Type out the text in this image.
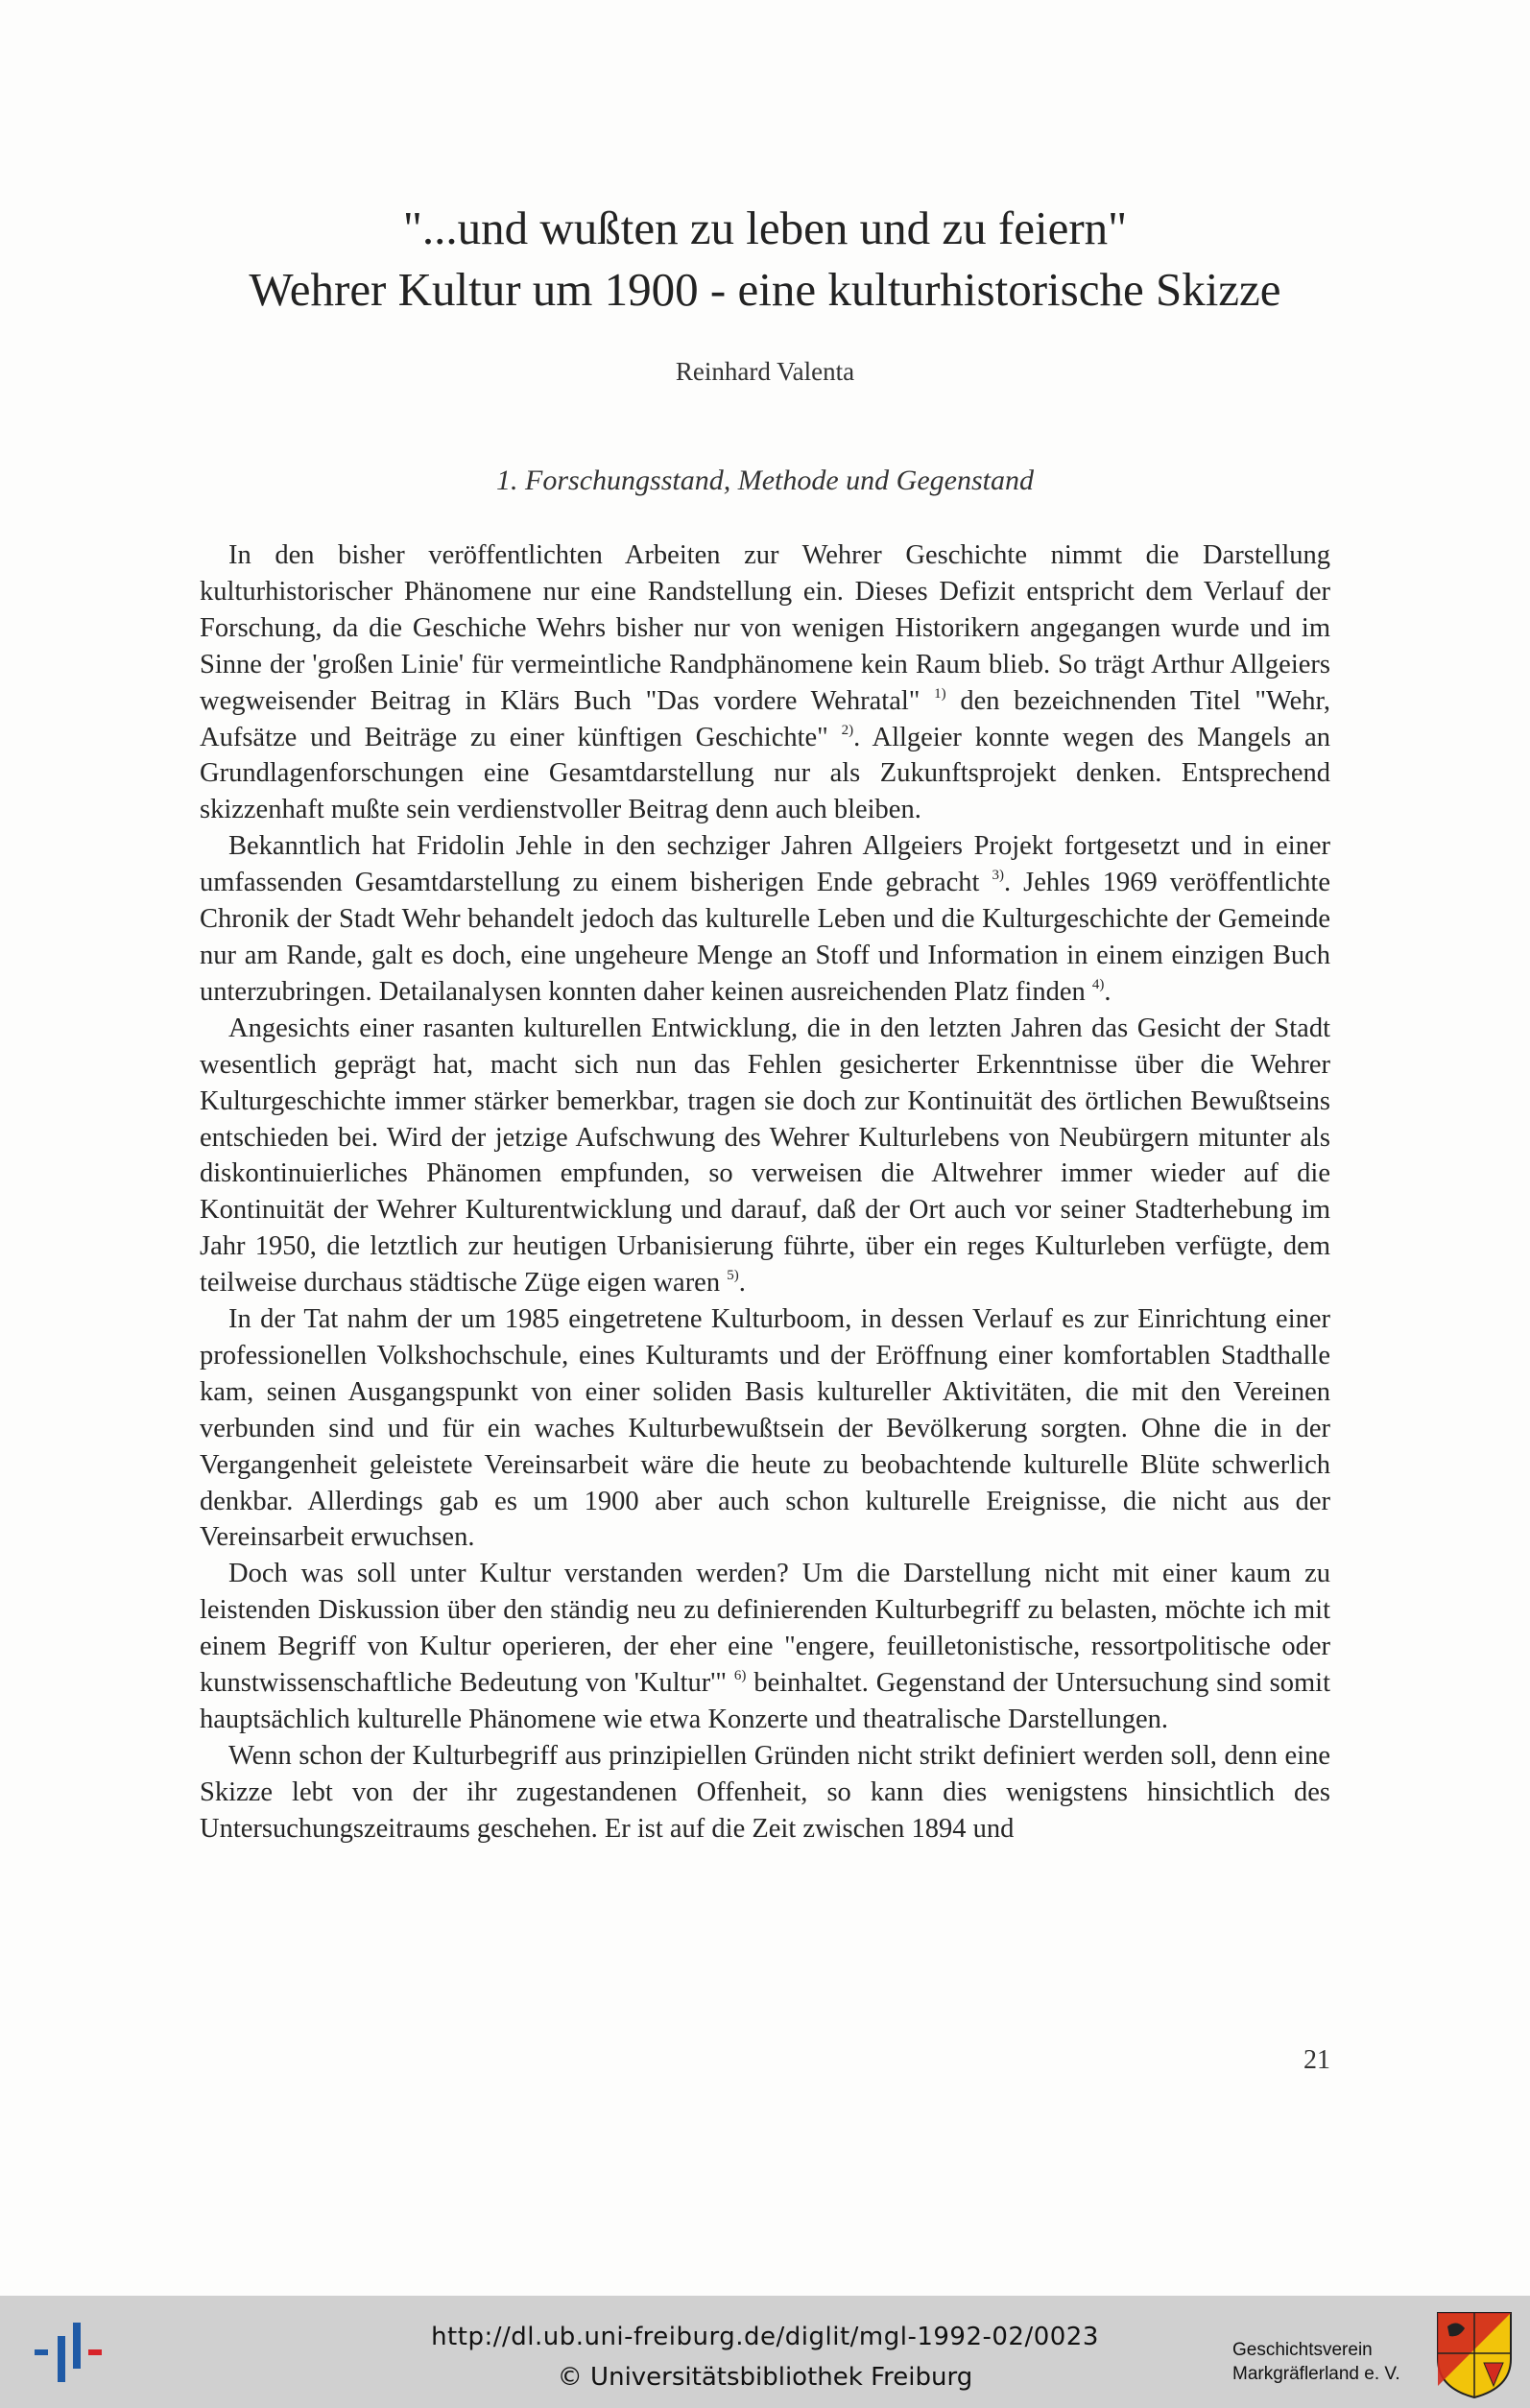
"...und wußten zu leben und zu feiern"
Wehrer Kultur um 1900 - eine kulturhistorische Skizze
Reinhard Valenta
1. Forschungsstand, Methode und Gegenstand

In den bisher veröffentlichten Arbeiten zur Wehrer Geschichte nimmt die Darstellung kulturhistorischer Phänomene nur eine Randstellung ein. Dieses Defizit entspricht dem Verlauf der Forschung, da die Geschiche Wehrs bisher nur von wenigen Historikern angegangen wurde und im Sinne der 'großen Linie' für vermeintliche Randphänomene kein Raum blieb. So trägt Arthur Allgeiers wegweisender Beitrag in Klärs Buch "Das vordere Wehratal" $^{1)}$ den bezeichnenden Titel "Wehr, Aufsätze und Beiträge zu einer künftigen Geschichte" $^{2)}$. Allgeier konnte wegen des Mangels an Grundlagenforschungen eine Gesamtdarstellung nur als Zukunftsprojekt denken. Entsprechend skizzenhaft mußte sein verdienstvoller Beitrag denn auch bleiben.

Bekanntlich hat Fridolin Jehle in den sechziger Jahren Allgeiers Projekt fortgesetzt und in einer umfassenden Gesamtdarstellung zu einem bisherigen Ende gebracht $^{3)}$. Jehles 1969 veröffentlichte Chronik der Stadt Wehr behandelt jedoch das kulturelle Leben und die Kulturgeschichte der Gemeinde nur am Rande, galt es doch, eine ungeheure Menge an Stoff und Information in einem einzigen Buch unterzubringen. Detailanalysen konnten daher keinen ausreichenden Platz finden $^{4)}$.

Angesichts einer rasanten kulturellen Entwicklung, die in den letzten Jahren das Gesicht der Stadt wesentlich geprägt hat, macht sich nun das Fehlen gesicherter Erkenntnisse über die Wehrer Kulturgeschichte immer stärker bemerkbar, tragen sie doch zur Kontinuität des örtlichen Bewußtseins entschieden bei. Wird der jetzige Aufschwung des Wehrer Kulturlebens von Neubürgern mitunter als diskontinuierliches Phänomen empfunden, so verweisen die Altwehrer immer wieder auf die Kontinuität der Wehrer Kulturentwicklung und darauf, daß der Ort auch vor seiner Stadterhebung im Jahr 1950, die letztlich zur heutigen Urbanisierung führte, über ein reges Kulturleben verfügte, dem teilweise durchaus städtische Züge eigen waren $^{5)}$.

In der Tat nahm der um 1985 eingetretene Kulturboom, in dessen Verlauf es zur Einrichtung einer professionellen Volkshochschule, eines Kulturamts und der Eröffnung einer komfortablen Stadthalle kam, seinen Ausgangspunkt von einer soliden Basis kultureller Aktivitäten, die mit den Vereinen verbunden sind und für ein waches Kulturbewußtsein der Bevölkerung sorgten. Ohne die in der Vergangenheit geleistete Vereinsarbeit wäre die heute zu beobachtende kulturelle Blüte schwerlich denkbar. Allerdings gab es um 1900 aber auch schon kulturelle Ereignisse, die nicht aus der Vereinsarbeit erwuchsen.

Doch was soll unter Kultur verstanden werden? Um die Darstellung nicht mit einer kaum zu leistenden Diskussion über den ständig neu zu definierenden Kulturbegriff zu belasten, möchte ich mit einem Begriff von Kultur operieren, der eher eine "engere, feuilletonistische, ressortpolitische oder kunstwissenschaftliche Bedeutung von 'Kultur'" $^{6)}$ beinhaltet. Gegenstand der Untersuchung sind somit hauptsächlich kulturelle Phänomene wie etwa Konzerte und theatralische Darstellungen.

Wenn schon der Kulturbegriff aus prinzipiellen Gründen nicht strikt definiert werden soll, denn eine Skizze lebt von der ihr zugestandenen Offenheit, so kann dies wenigstens hinsichtlich des Untersuchungszeitraums geschehen. Er ist auf die Zeit zwischen 1894 und

21
http://dl.ub.uni-freiburg.de/diglit/mgl-1992-02/0023
© Universitätsbibliothek Freiburg
Geschichtsverein
Markgräflerland e. V.
